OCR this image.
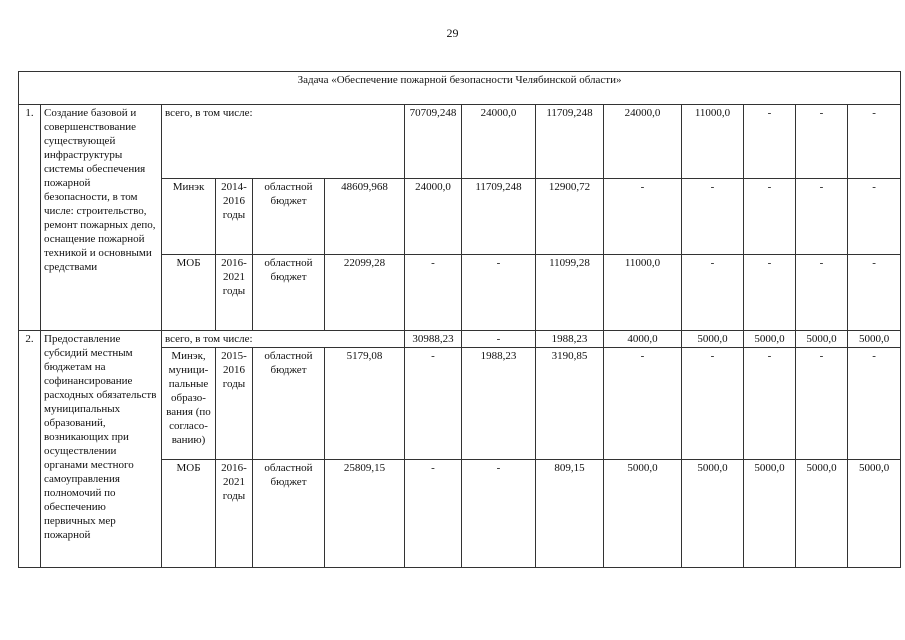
29
Задача «Обеспечение пожарной безопасности Челябинской области»													
1.	Создание базовой и совершенствование существующей инфраструктуры системы обеспечения пожарной безопасности, в том числе: строительство, ремонт пожарных депо, оснащение пожарной техникой и основными средствами	всего, в том числе:				70709,248	24000,0	11709,248	24000,0	11000,0	-	-	-
		Минэк	2014-2016 годы	областной бюджет	48609,968	24000,0	11709,248	12900,72	-	-	-	-	-
		МОБ	2016-2021 годы	областной бюджет	22099,28	-	-	11099,28	11000,0	-	-	-	-
2.	Предоставление субсидий местным бюджетам на софинансирование расходных обязательств муниципальных образований, возникающих при осуществлении органами местного самоуправления полномочий по обеспечению первичных мер пожарной	всего, в том числе:				30988,23	-	1988,23	4000,0	5000,0	5000,0	5000,0	5000,0
		Минэк, муници-пальные образо-вания (по согласо-ванию)	2015-2016 годы	областной бюджет	5179,08	-	1988,23	3190,85	-	-	-	-	-
		МОБ	2016-2021 годы	областной бюджет	25809,15	-	-	809,15	5000,0	5000,0	5000,0	5000,0	5000,0
